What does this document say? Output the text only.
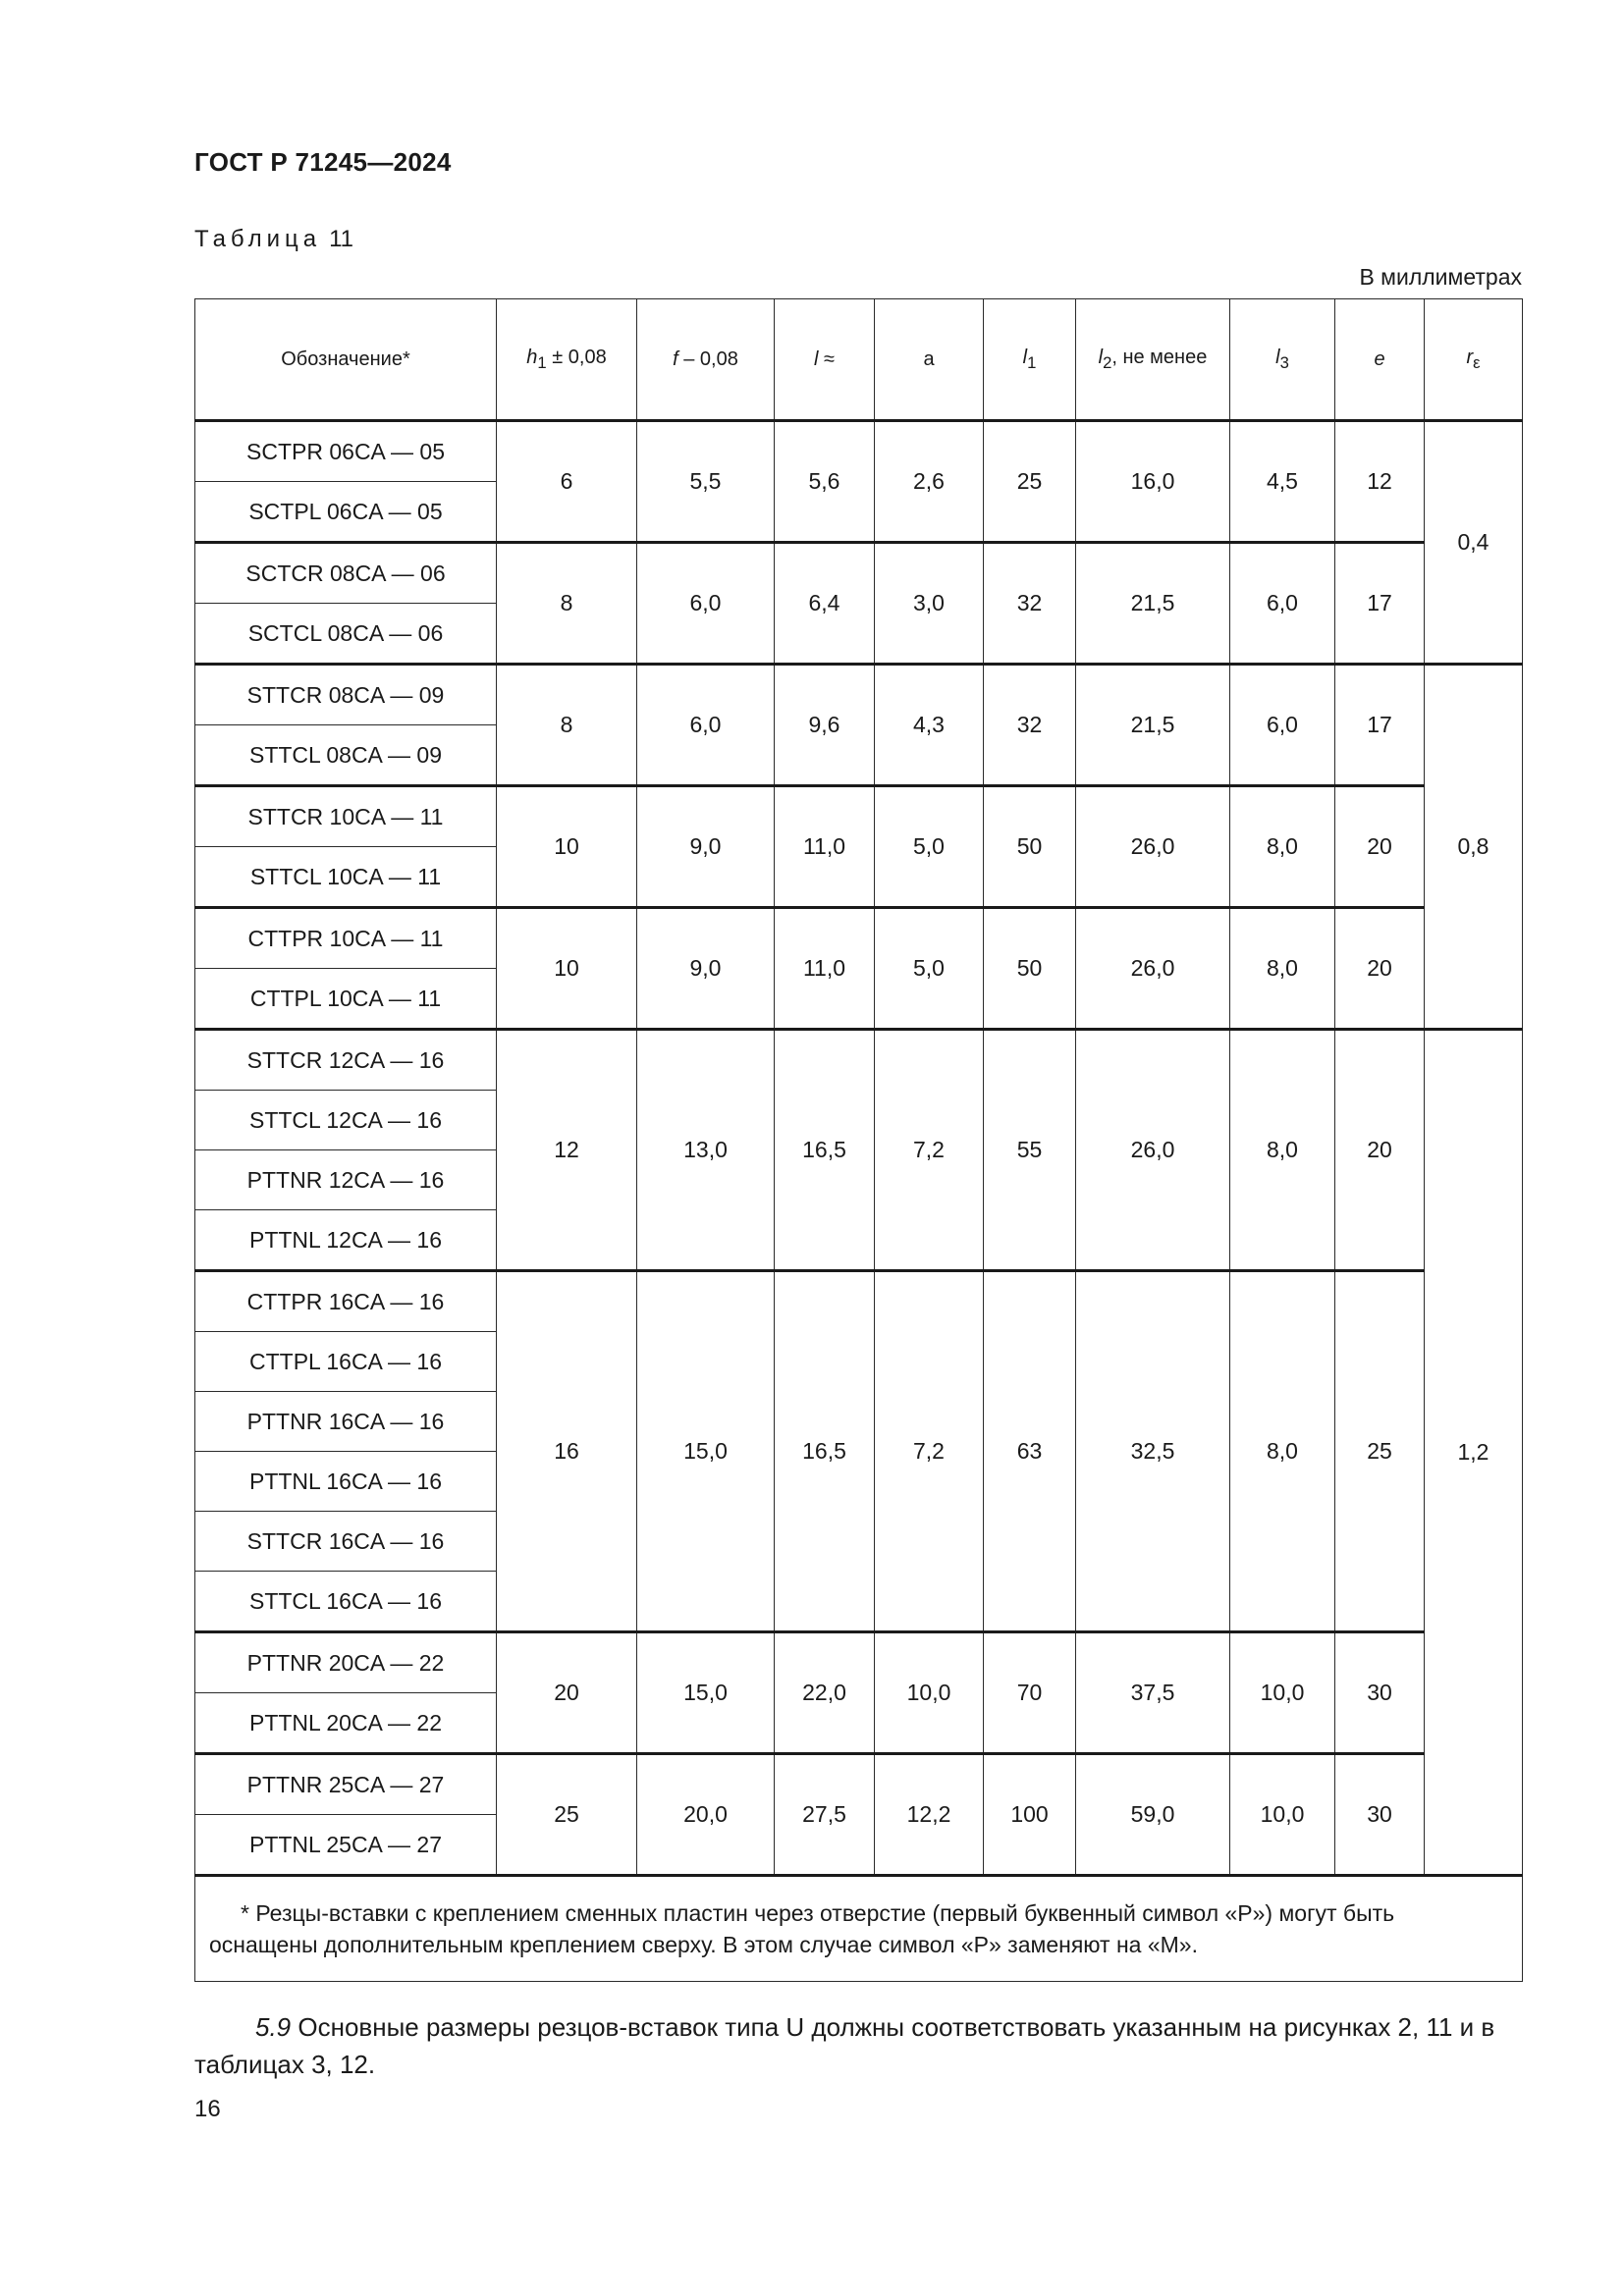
ГОСТ Р 71245—2024
Таблица 11
В миллиметрах
Обозначение*	$h_1 \pm 0,08$	f – 0,08	l ≈	a	$l_1$	$l_2$, не менее	$l_3$	e	$r_\varepsilon$
SCTPR 06CA — 05	6	5,5	5,6	2,6	25	16,0	4,5	12	0,4
SCTPL 06CA — 05									
SCTCR 08CA — 06	8	6,0	6,4	3,0	32	21,5	6,0	17	
SCTCL 08CA — 06									
STTCR 08CA — 09	8	6,0	9,6	4,3	32	21,5	6,0	17	0,8
STTCL 08CA — 09									
STTCR 10CA — 11	10	9,0	11,0	5,0	50	26,0	8,0	20	
STTCL 10CA — 11									
CTTPR 10CA — 11	10	9,0	11,0	5,0	50	26,0	8,0	20	
CTTPL 10CA — 11									
STTCR 12CA — 16	12	13,0	16,5	7,2	55	26,0	8,0	20	1,2
STTCL 12CA — 16									
PTTNR 12CA — 16									
PTTNL 12CA — 16									
CTTPR 16CA — 16	16	15,0	16,5	7,2	63	32,5	8,0	25	
CTTPL 16CA — 16									
PTTNR 16CA — 16									
PTTNL 16CA — 16									
STTCR 16CA — 16									
STTCL 16CA — 16									
PTTNR 20CA — 22	20	15,0	22,0	10,0	70	37,5	10,0	30	
PTTNL 20CA — 22									
PTTNR 25CA — 27	25	20,0	27,5	12,2	100	59,0	10,0	30	
PTTNL 25CA — 27									
* Резцы-вставки с креплением сменных пластин через отверстие (первый буквенный символ «P») могут быть оснащены дополнительным креплением сверху. В этом случае символ «P» заменяют на «M».									
5.9 Основные размеры резцов-вставок типа U должны соответствовать указанным на рисунках 2, 11 и в таблицах 3, 12.
16
